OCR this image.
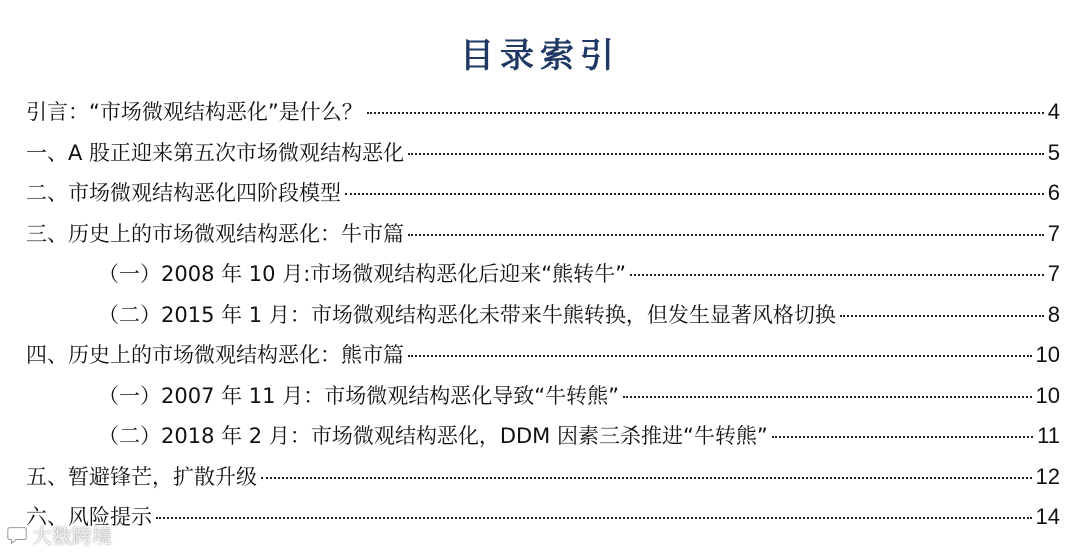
目录索引
引言：“市场微观结构恶化”是什么？	4
一、A 股正迎来第五次市场微观结构恶化	5
二、市场微观结构恶化四阶段模型	6
三、历史上的市场微观结构恶化：牛市篇	7
（一）2008 年 10 月:市场微观结构恶化后迎来“熊转牛”	7
（二）2015 年 1 月：市场微观结构恶化未带来牛熊转换，但发生显著风格切换	8
四、历史上的市场微观结构恶化：熊市篇	10
（一）2007 年 11 月：市场微观结构恶化导致“牛转熊”	10
（二）2018 年 2 月：市场微观结构恶化，DDM 因素三杀推进“牛转熊”	11
五、暂避锋芒，扩散升级	12
六、风险提示	14
大数跨境
